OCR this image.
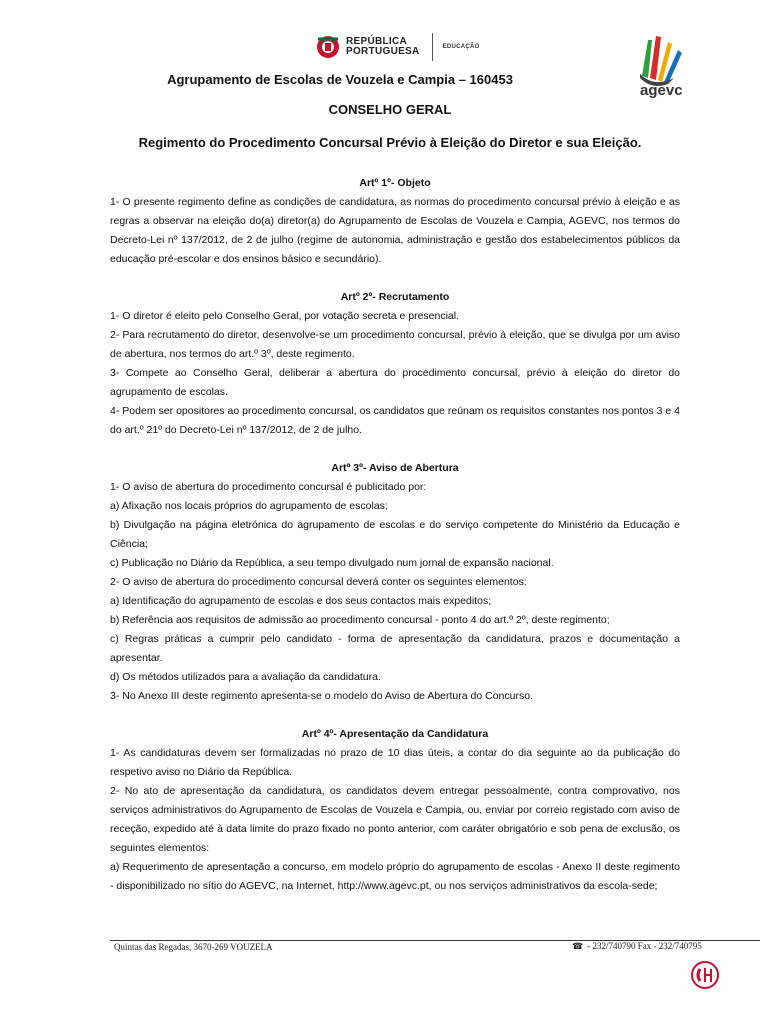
REPÚBLICA
PORTUGUESA	EDUCAÇÃO
agevc
Agrupamento de Escolas de Vouzela e Campia – 160453
CONSELHO GERAL
Regimento do Procedimento Concursal Prévio à Eleição do Diretor e sua Eleição.

Artº 1º- Objeto

1- O presente regimento define as condições de candidatura, as normas do procedimento concursal prévio à eleição e as regras a observar na eleição do(a) diretor(a) do Agrupamento de Escolas de Vouzela e Campia, AGEVC, nos termos do Decreto-Lei nº 137/2012, de 2 de julho (regime de autonomia, administração e gestão dos estabelecimentos públicos da educação pré-escolar e dos ensinos básico e secundário).

Artº 2º- Recrutamento

1- O diretor é eleito pelo Conselho Geral, por votação secreta e presencial.

2- Para recrutamento do diretor, desenvolve-se um procedimento concursal, prévio à eleição, que se divulga por um aviso de abertura, nos termos do art.º 3º, deste regimento.

3- Compete ao Conselho Geral, deliberar a abertura do procedimento concursal, prévio à eleição do diretor do agrupamento de escolas.

4- Podem ser opositores ao procedimento concursal, os candidatos que reúnam os requisitos constantes nos pontos 3 e 4 do art.º 21º do Decreto-Lei nº 137/2012, de 2 de julho.

Artº 3º- Aviso de Abertura

1- O aviso de abertura do procedimento concursal é publicitado por:

a) Afixação nos locais próprios do agrupamento de escolas;

b) Divulgação na página eletrónica do agrupamento de escolas e do serviço competente do Ministério da Educação e Ciência;

c) Publicação no Diário da República, a seu tempo divulgado num jornal de expansão nacional.

2- O aviso de abertura do procedimento concursal deverá conter os seguintes elementos:

a) Identificação do agrupamento de escolas e dos seus contactos mais expeditos;

b) Referência aos requisitos de admissão ao procedimento concursal - ponto 4 do art.º 2º, deste regimento;

c) Regras práticas a cumprir pelo candidato - forma de apresentação da candidatura, prazos e documentação a apresentar.

d) Os métodos utilizados para a avaliação da candidatura.

3- No Anexo III deste regimento apresenta-se o modelo do Aviso de Abertura do Concurso.

Artº 4º- Apresentação da Candidatura

1- As candidaturas devem ser formalizadas no prazo de 10 dias úteis, a contar do dia seguinte ao da publicação do respetivo aviso no Diário da República.

2- No ato de apresentação da candidatura, os candidatos devem entregar pessoalmente, contra comprovativo, nos serviços administrativos do Agrupamento de Escolas de Vouzela e Campia, ou, enviar por correio registado com aviso de receção, expedido até à data limite do prazo fixado no ponto anterior, com caráter obrigatório e sob pena de exclusão, os seguintes elementos:

a) Requerimento de apresentação a concurso, em modelo próprio do agrupamento de escolas - Anexo II deste regimento - disponibilizado no sítio do AGEVC, na Internet, http://www.agevc.pt, ou nos serviços administrativos da escola-sede;

Quintas das Regadas, 3670-269 VOUZELA	☎ - 232/740790 Fax - 232/740795
